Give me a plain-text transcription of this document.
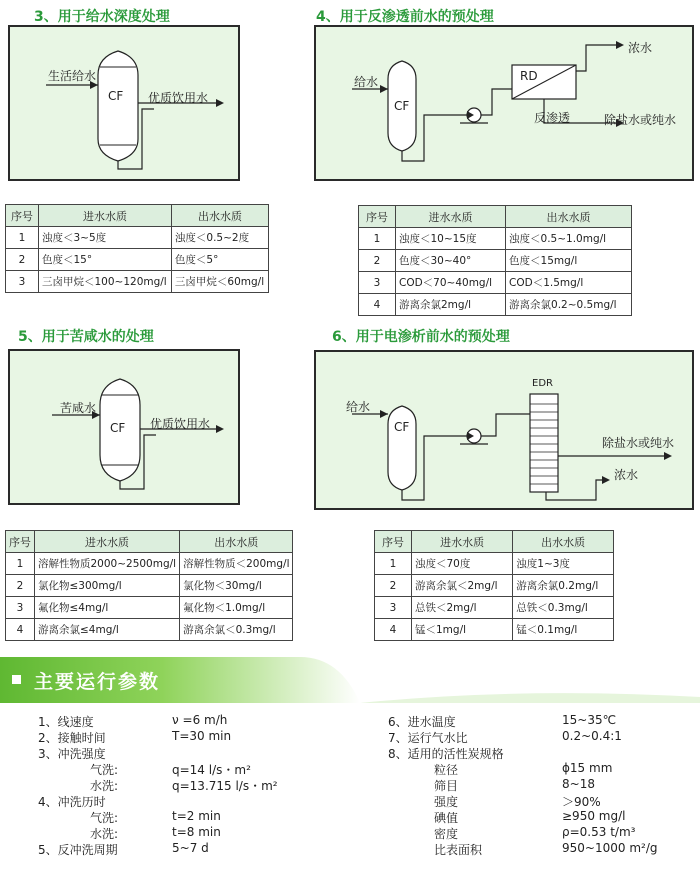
3、用于给水深度处理
生活给水
CF 优质饮用水
序号	进水水质	出水水质
1	浊度＜3~5度	浊度＜0.5~2度
2	色度＜15°	色度＜5°
3	三卤甲烷＜100~120mg/l	三卤甲烷＜60mg/l
4、用于反渗透前水的预处理
给水
CF
RD
浓水
反渗透	除盐水或纯水
序号	进水水质	出水水质
1	浊度＜10~15度	浊度＜0.5~1.0mg/l
2	色度＜30~40°	色度＜15mg/l
3	COD＜70~40mg/l	COD＜1.5mg/l
4	游离余氯2mg/l	游离余氯0.2~0.5mg/l
5、用于苦咸水的处理
苦咸水
CF 优质饮用水
序号	进水水质	出水水质
1	溶解性物质2000~2500mg/l	溶解性物质＜200mg/l
2	氯化物≤300mg/l	氯化物＜30mg/l
3	氟化物≤4mg/l	氟化物＜1.0mg/l
4	游离余氯≤4mg/l	游离余氯＜0.3mg/l
6、用于电渗析前水的预处理
给水
CF
EDR
除盐水或纯水
浓水
序号	进水水质	出水水质
1	浊度＜70度	浊度1~3度
2	游离余氯＜2mg/l	游离余氯0.2mg/l
3	总铁＜2mg/l	总铁＜0.3mg/l
4	锰＜1mg/l	锰＜0.1mg/l
主要运行参数
1、线速度	ν =6 m/h
2、接触时间	T=30 min
3、冲洗强度
气洗:	q=14 l/s・m²
水洗:	q=13.715 l/s・m²
4、冲洗历时
气洗:	t=2 min
水洗:	t=8 min
5、反冲洗周期	5~7 d
6、进水温度	15~35℃
7、运行气水比	0.2~0.4:1
8、适用的活性炭规格
粒径	ϕ15 mm
筛目	8~18
强度	＞90%
碘值	≥950 mg/l
密度	ρ=0.53 t/m³
比表面积	950~1000 m²/g
